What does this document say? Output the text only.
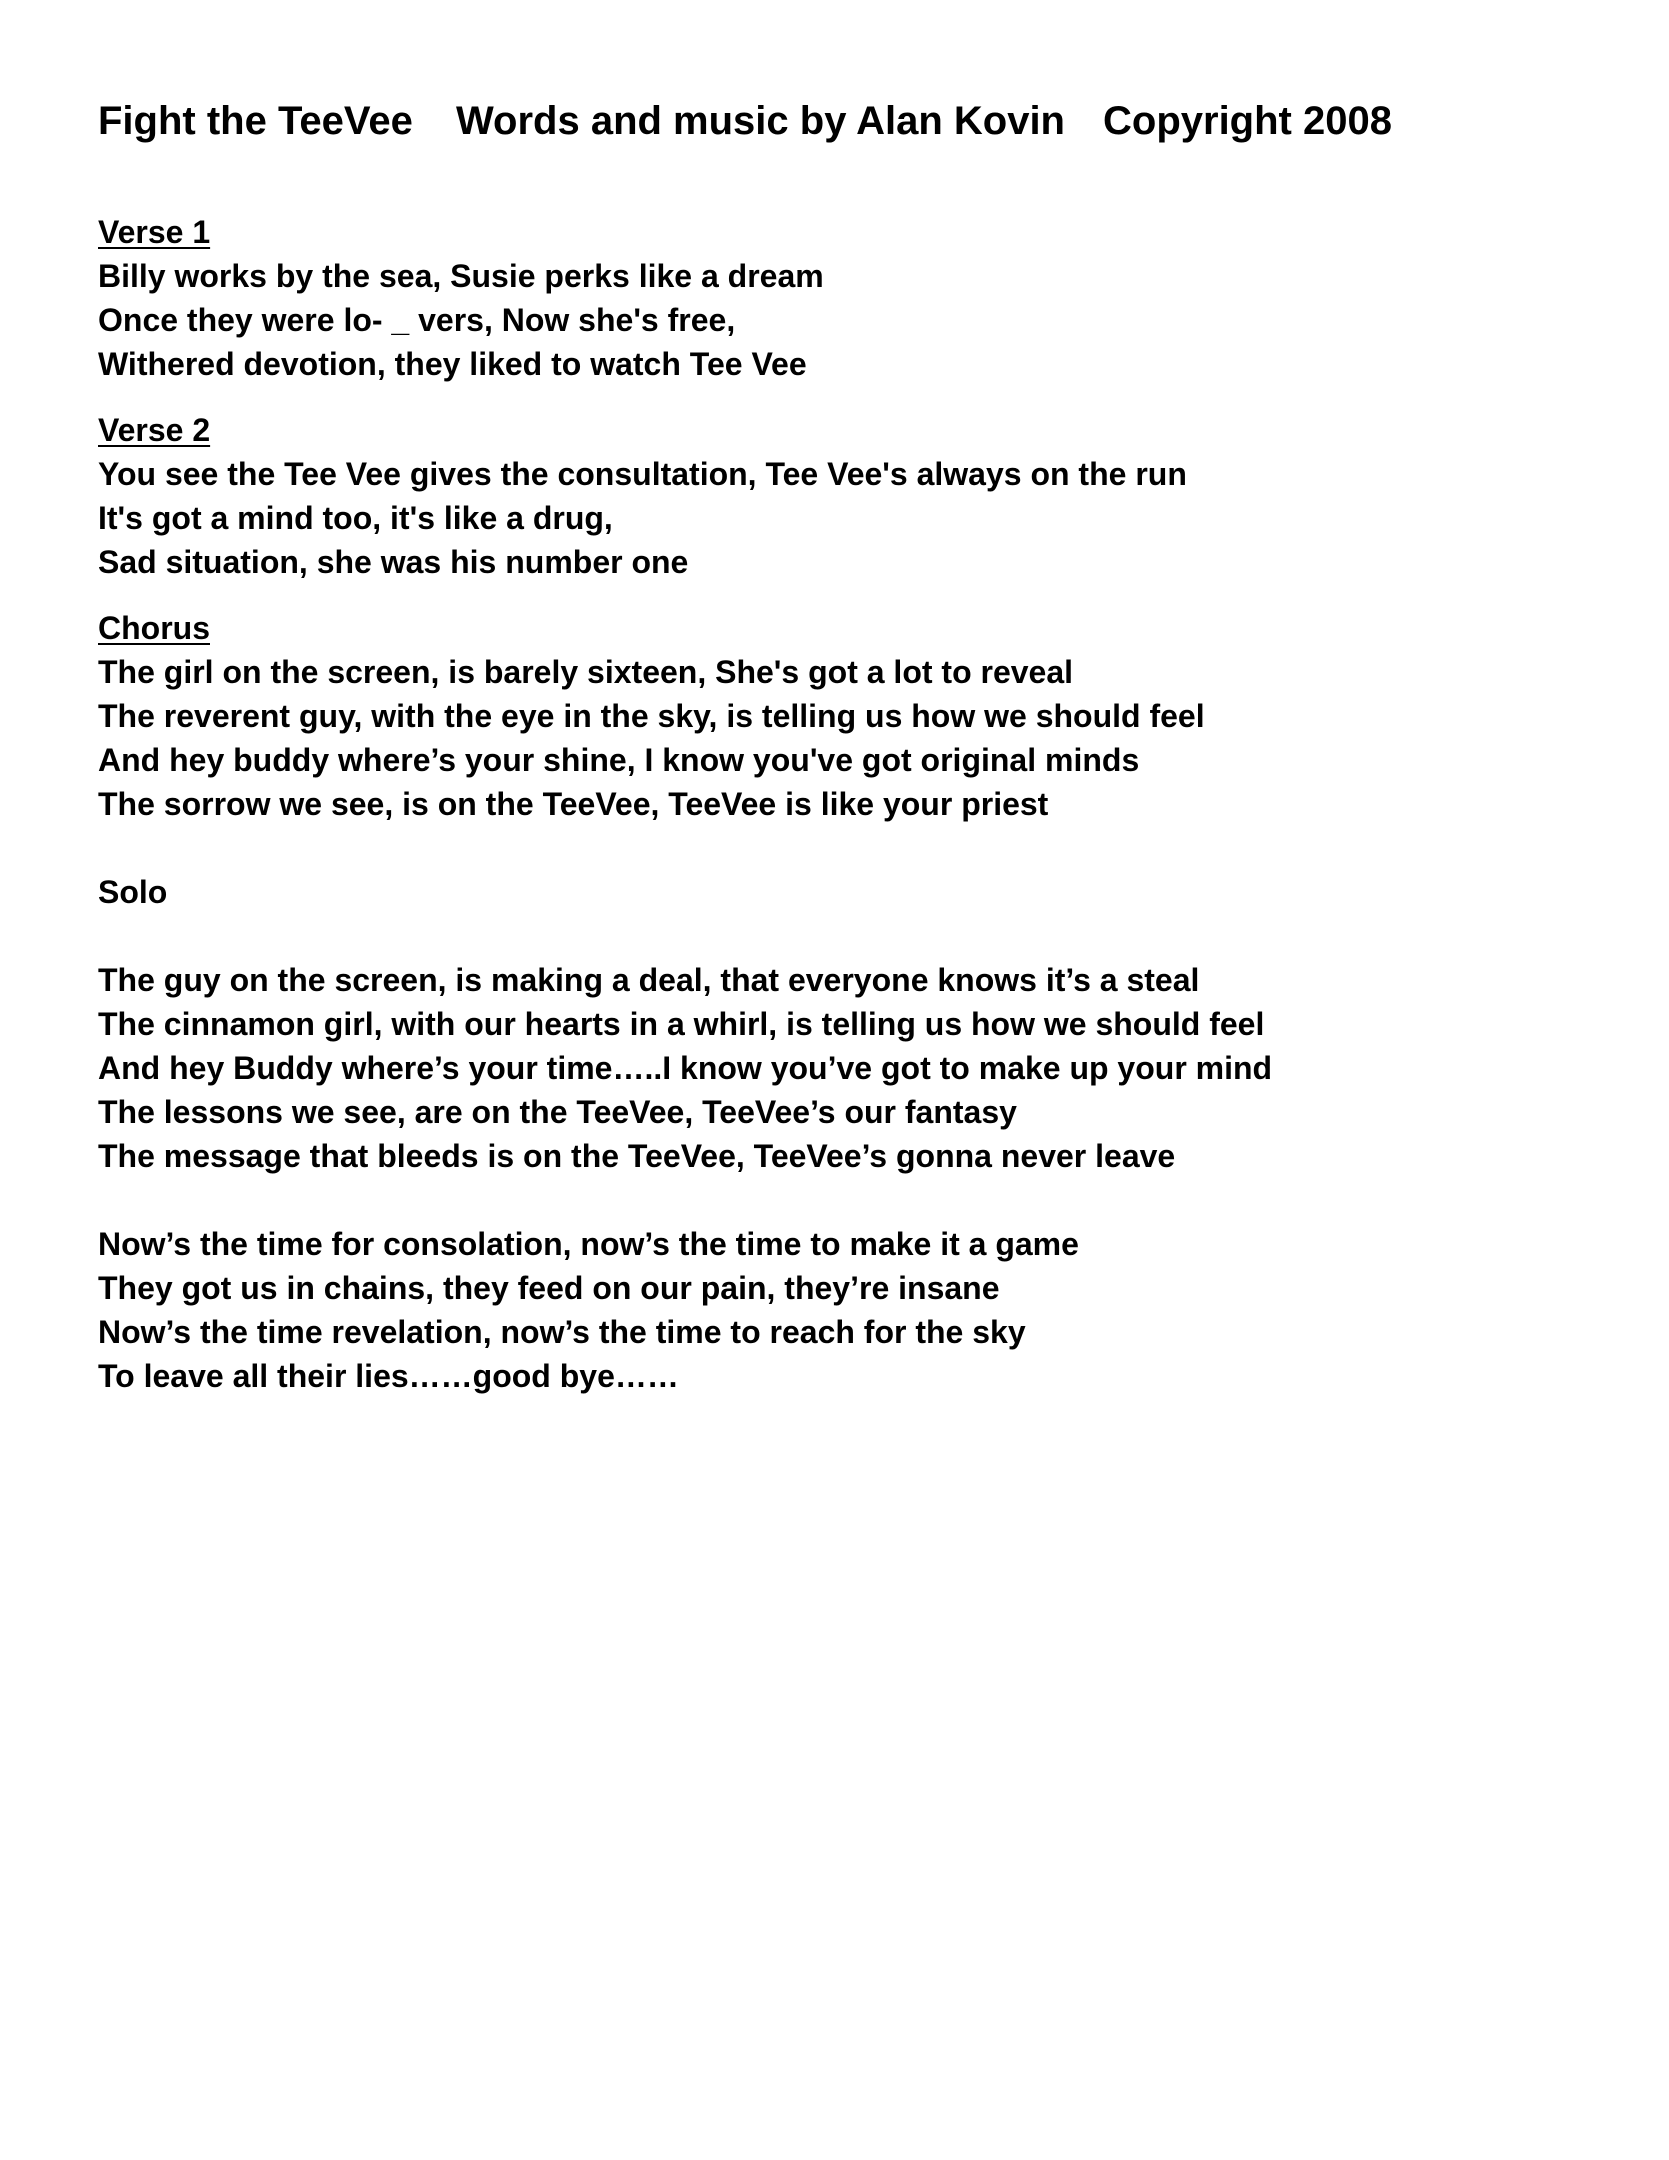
Fight the TeeVee Words and music by Alan Kovin Copyright 2008
Verse 1
Billy works by the sea, Susie perks like a dream
Once they were lo- _ vers, Now she's free,
Withered devotion, they liked to watch Tee Vee
Verse 2
You see the Tee Vee gives the consultation, Tee Vee's always on the run
It's got a mind too, it's like a drug,
Sad situation, she was his number one
Chorus
The girl on the screen, is barely sixteen, She's got a lot to reveal
The reverent guy, with the eye in the sky, is telling us how we should feel
And hey buddy where’s your shine, I know you've got original minds
The sorrow we see, is on the TeeVee, TeeVee is like your priest
Solo
The guy on the screen, is making a deal, that everyone knows it’s a steal
The cinnamon girl, with our hearts in a whirl, is telling us how we should feel
And hey Buddy where’s your time…..I know you’ve got to make up your mind
The lessons we see, are on the TeeVee, TeeVee’s our fantasy
The message that bleeds is on the TeeVee, TeeVee’s gonna never leave
Now’s the time for consolation, now’s the time to make it a game
They got us in chains, they feed on our pain, they’re insane
Now’s the time revelation, now’s the time to reach for the sky
To leave all their lies……good bye……
